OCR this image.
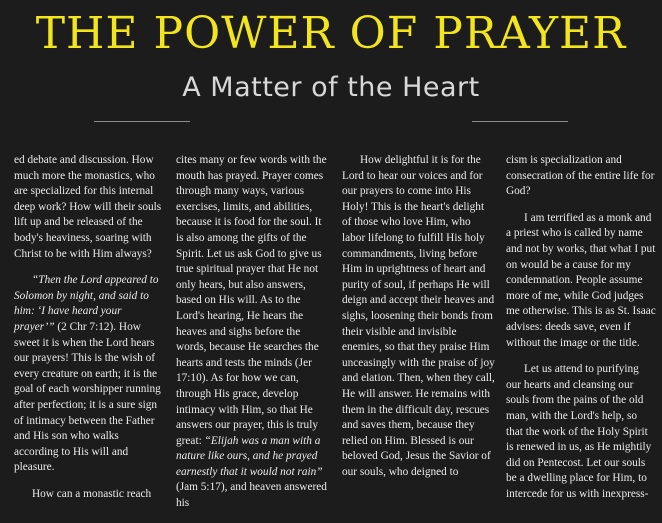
THE POWER OF PRAYER
A Matter of the Heart

ed debate and discussion. How much more the monastics, who are specialized for this internal deep work? How will their souls lift up and be released of the body's heaviness, soaring with Christ to be with Him always?

“Then the Lord appeared to Solomon by night, and said to him: ‘I have heard your prayer’” (2 Chr 7:12). How sweet it is when the Lord hears our prayers! This is the wish of every creature on earth; it is the goal of each worshipper running after perfection; it is a sure sign of intimacy between the Father and His son who walks according to His will and pleasure.

How can a monastic reach

cites many or few words with the mouth has prayed. Prayer comes through many ways, various exercises, limits, and abilities, because it is food for the soul. It is also among the gifts of the Spirit. Let us ask God to give us true spiritual prayer that He not only hears, but also answers, based on His will. As to the Lord's hearing, He hears the heaves and sighs before the words, because He searches the hearts and tests the minds (Jer 17:10). As for how we can, through His grace, develop intimacy with Him, so that He answers our prayer, this is truly great: “Elijah was a man with a nature like ours, and he prayed earnestly that it would not rain” (Jam 5:17), and heaven answered his

How delightful it is for the Lord to hear our voices and for our prayers to come into His Holy! This is the heart's delight of those who love Him, who labor lifelong to fulfill His holy commandments, living before Him in uprightness of heart and purity of soul, if perhaps He will deign and accept their heaves and sighs, loosening their bonds from their visible and invisible enemies, so that they praise Him unceasingly with the praise of joy and elation. Then, when they call, He will answer. He remains with them in the difficult day, rescues and saves them, because they relied on Him. Blessed is our beloved God, Jesus the Savior of our souls, who deigned to

cism is specialization and consecration of the entire life for God?

I am terrified as a monk and a priest who is called by name and not by works, that what I put on would be a cause for my condemnation. People assume more of me, while God judges me otherwise. This is as St. Isaac advises: deeds save, even if without the image or the title.

Let us attend to purifying our hearts and cleansing our souls from the pains of the old man, with the Lord's help, so that the work of the Holy Spirit is renewed in us, as He mightily did on Pentecost. Let our souls be a dwelling place for Him, to intercede for us with inexpress-
